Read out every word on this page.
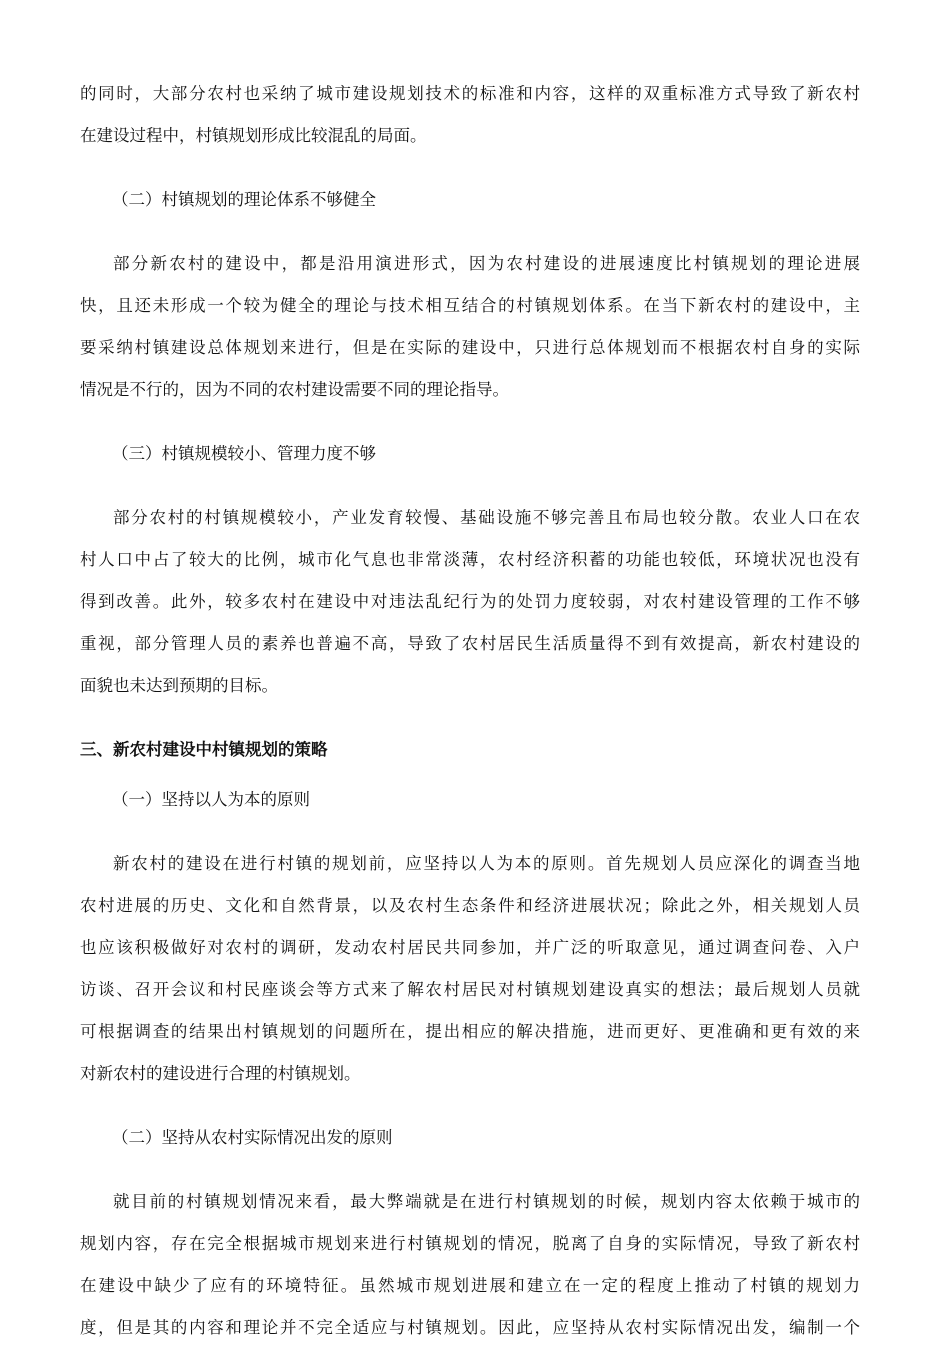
的同时，大部分农村也采纳了城市建设规划技术的标准和内容，这样的双重标准方式导致了新农村
在建设过程中，村镇规划形成比较混乱的局面。
（二）村镇规划的理论体系不够健全
部分新农村的建设中，都是沿用演进形式，因为农村建设的进展速度比村镇规划的理论进展
快，且还未形成一个较为健全的理论与技术相互结合的村镇规划体系。在当下新农村的建设中，主
要采纳村镇建设总体规划来进行，但是在实际的建设中，只进行总体规划而不根据农村自身的实际
情况是不行的，因为不同的农村建设需要不同的理论指导。
（三）村镇规模较小、管理力度不够
部分农村的村镇规模较小，产业发育较慢、基础设施不够完善且布局也较分散。农业人口在农
村人口中占了较大的比例，城市化气息也非常淡薄，农村经济积蓄的功能也较低，环境状况也没有
得到改善。此外，较多农村在建设中对违法乱纪行为的处罚力度较弱，对农村建设管理的工作不够
重视，部分管理人员的素养也普遍不高，导致了农村居民生活质量得不到有效提高，新农村建设的
面貌也未达到预期的目标。
三、新农村建设中村镇规划的策略
（一）坚持以人为本的原则
新农村的建设在进行村镇的规划前，应坚持以人为本的原则。首先规划人员应深化的调查当地
农村进展的历史、文化和自然背景，以及农村生态条件和经济进展状况；除此之外，相关规划人员
也应该积极做好对农村的调研，发动农村居民共同参加，并广泛的听取意见，通过调查问卷、入户
访谈、召开会议和村民座谈会等方式来了解农村居民对村镇规划建设真实的想法；最后规划人员就
可根据调查的结果出村镇规划的问题所在，提出相应的解决措施，进而更好、更准确和更有效的来
对新农村的建设进行合理的村镇规划。
（二）坚持从农村实际情况出发的原则
就目前的村镇规划情况来看，最大弊端就是在进行村镇规划的时候，规划内容太依赖于城市的
规划内容，存在完全根据城市规划来进行村镇规划的情况，脱离了自身的实际情况，导致了新农村
在建设中缺少了应有的环境特征。虽然城市规划进展和建立在一定的程度上推动了村镇的规划力
度，但是其的内容和理论并不完全适应与村镇规划。因此，应坚持从农村实际情况出发，编制一个
